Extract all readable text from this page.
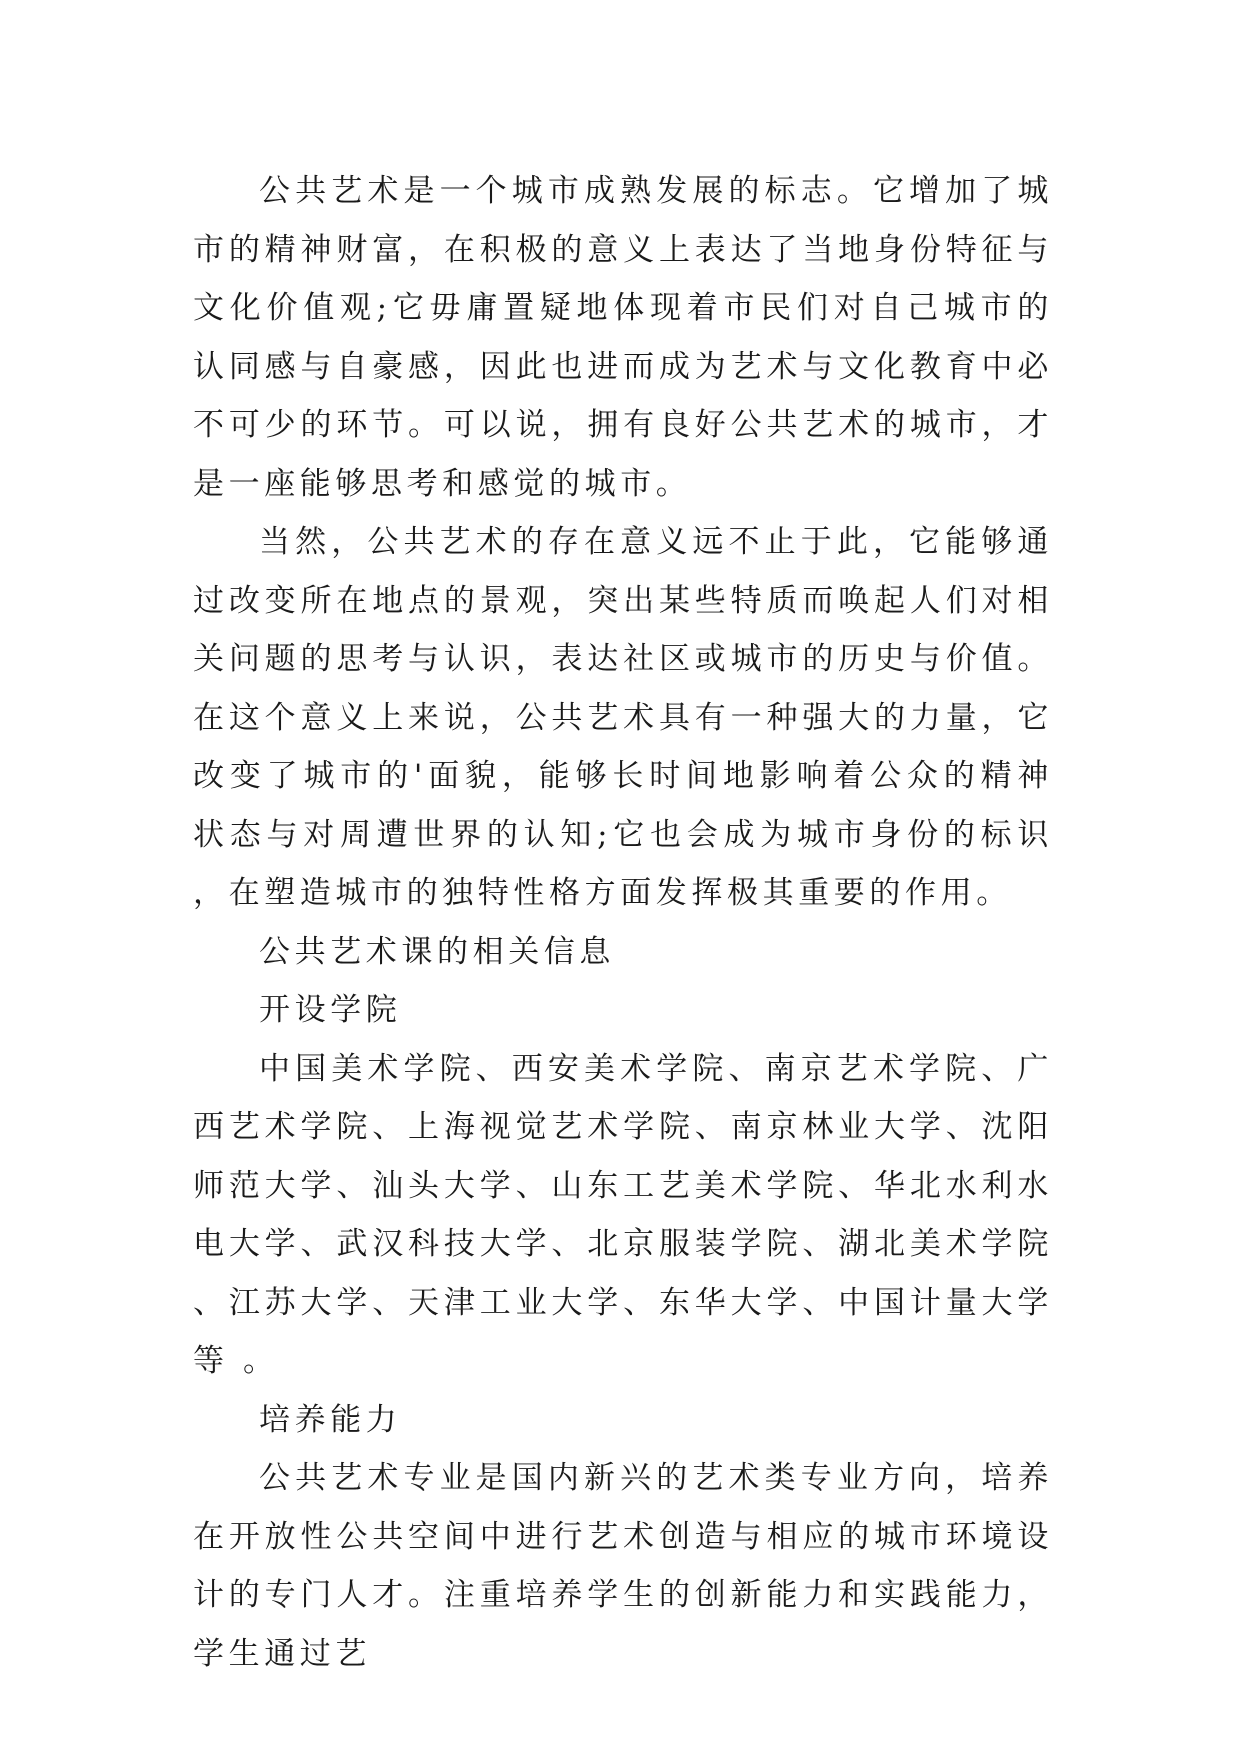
公共艺术是一个城市成熟发展的标志。它增加了城市的精神财富，在积极的意义上表达了当地身份特征与文化价值观;它毋庸置疑地体现着市民们对自己城市的认同感与自豪感，因此也进而成为艺术与文化教育中必不可少的环节。可以说，拥有良好公共艺术的城市，才是一座能够思考和感觉的城市。

当然，公共艺术的存在意义远不止于此，它能够通过改变所在地点的景观，突出某些特质而唤起人们对相关问题的思考与认识，表达社区或城市的历史与价值。在这个意义上来说，公共艺术具有一种强大的力量，它改变了城市的'面貌，能够长时间地影响着公众的精神状态与对周遭世界的认知;它也会成为城市身份的标识，在塑造城市的独特性格方面发挥极其重要的作用。

公共艺术课的相关信息

开设学院

中国美术学院、西安美术学院、南京艺术学院、广西艺术学院、上海视觉艺术学院、南京林业大学、沈阳师范大学、汕头大学、山东工艺美术学院、华北水利水电大学、武汉科技大学、北京服装学院、湖北美术学院、江苏大学、天津工业大学、东华大学、中国计量大学等 。

培养能力

公共艺术专业是国内新兴的艺术类专业方向，培养在开放性公共空间中进行艺术创造与相应的城市环境设计的专门人才。注重培养学生的创新能力和实践能力，学生通过艺
